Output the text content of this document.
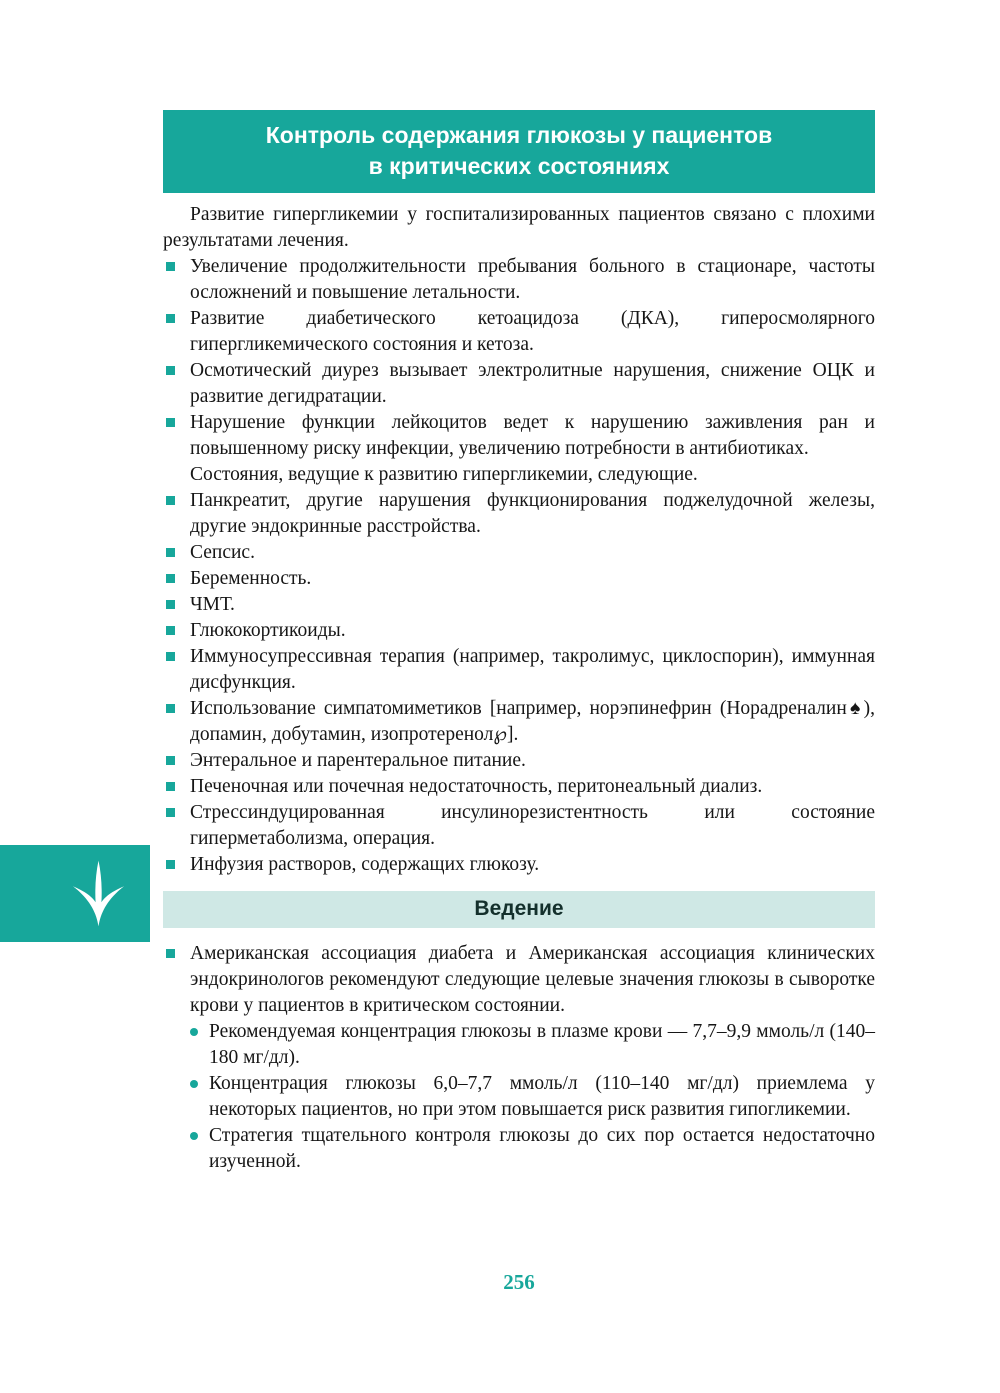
Контроль содержания глюкозы у пациентов
в критических состояниях

Развитие гипергликемии у госпитализированных пациентов связано с плохими результатами лечения.

Увеличение продолжительности пребывания больного в стационаре, частоты осложнений и повышение летальности.
Развитие диабетического кетоацидоза (ДКА), гиперосмолярного гипергликемического состояния и кетоза.
Осмотический диурез вызывает электролитные нарушения, снижение ОЦК и развитие дегидратации.
Нарушение функции лейкоцитов ведет к нарушению заживления ран и повышенному риску инфекции, увеличению потребности в антибиотиках.

Состояния, ведущие к развитию гипергликемии, следующие.

Панкреатит, другие нарушения функционирования поджелудочной железы, другие эндокринные расстройства.
Сепсис.
Беременность.
ЧМТ.
Глюкокортикоиды.
Иммуносупрессивная терапия (например, такролимус, циклоспорин), иммунная дисфункция.
Использование симпатомиметиков [например, норэпинефрин (Норадреналин♠), допамин, добутамин, изопротеренол℘].
Энтеральное и парентеральное питание.
Печеночная или почечная недостаточность, перитонеальный диализ.
Стрессиндуцированная инсулинорезистентность или состояние гиперметаболизма, операция.
Инфузия растворов, содержащих глюкозу.
Ведение
Американская ассоциация диабета и Американская ассоциация клинических эндокринологов рекомендуют следующие целевые значения глюкозы в сыворотке крови у пациентов в критическом состоянии.
Рекомендуемая концентрация глюкозы в плазме крови — 7,7–9,9 ммоль/л (140–180 мг/дл).
Концентрация глюкозы 6,0–7,7 ммоль/л (110–140 мг/дл) приемлема у некоторых пациентов, но при этом повышается риск развития гипогликемии.
Стратегия тщательного контроля глюкозы до сих пор остается недостаточно изученной.
256
